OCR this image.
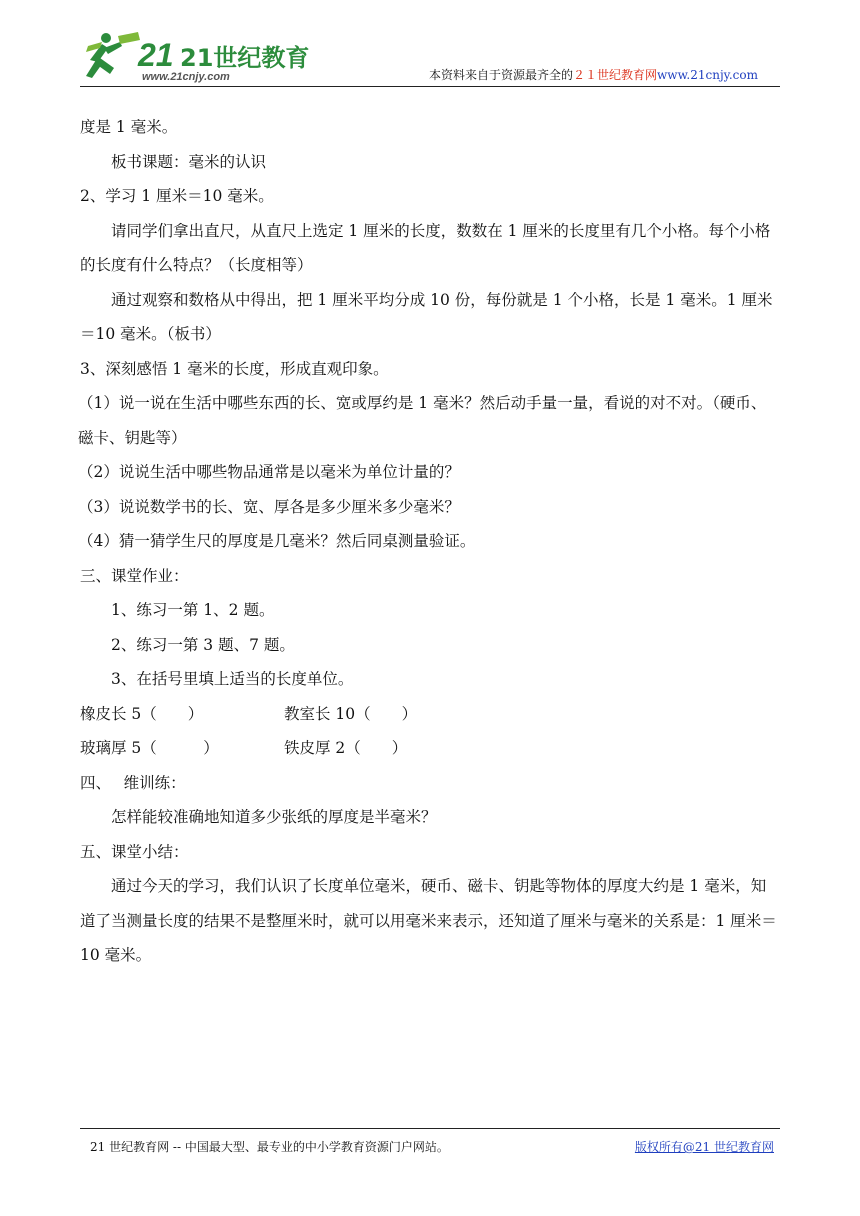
21 21世纪教育
www.21cnjy.com	本资料来自于资源最齐全的２１世纪教育网www.21cnjy.com
度是 1 毫米。
板书课题：毫米的认识
2、学习 1 厘米＝10 毫米。
请同学们拿出直尺，从直尺上选定 1 厘米的长度，数数在 1 厘米的长度里有几个小格。每个小格的长度有什么特点？（长度相等）
通过观察和数格从中得出，把 1 厘米平均分成 10 份，每份就是 1 个小格，长是 1 毫米。1 厘米＝10 毫米。（板书）
3、深刻感悟 1 毫米的长度，形成直观印象。
（1）说一说在生活中哪些东西的长、宽或厚约是 1 毫米？然后动手量一量，看说的对不对。（硬币、磁卡、钥匙等）
（2）说说生活中哪些物品通常是以毫米为单位计量的？
（3）说说数学书的长、宽、厚各是多少厘米多少毫米？
（4）猜一猜学生尺的厚度是几毫米？然后同桌测量验证。
三、课堂作业：
1、练习一第 1、2 题。
2、练习一第 3 题、7 题。
3、在括号里填上适当的长度单位。
橡皮长 5（　　）	教室长 10（　　）
玻璃厚 5（　　　）	铁皮厚 2（　　）
四、　 维训练：
怎样能较准确地知道多少张纸的厚度是半毫米？
五、课堂小结：
通过今天的学习，我们认识了长度单位毫米，硬币、磁卡、钥匙等物体的厚度大约是 1 毫米，知道了当测量长度的结果不是整厘米时，就可以用毫米来表示，还知道了厘米与毫米的关系是：1 厘米＝10 毫米。
21 世纪教育网 -- 中国最大型、最专业的中小学教育资源门户网站。	版权所有@21 世纪教育网
